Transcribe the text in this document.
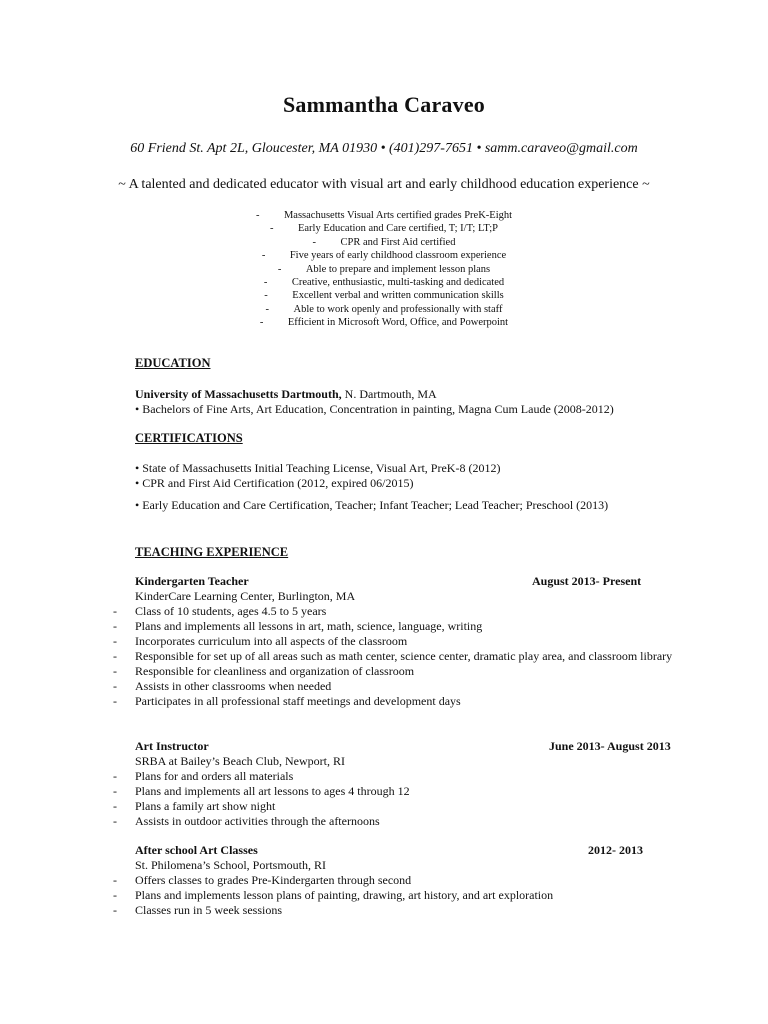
Sammantha Caraveo
60 Friend St. Apt 2L, Gloucester, MA 01930 • (401)297-7651 • samm.caraveo@gmail.com
~ A talented and dedicated educator with visual art and early childhood education experience ~
- Massachusetts Visual Arts certified grades PreK-Eight
- Early Education and Care certified, T; I/T; LT;P
- CPR and First Aid certified
- Five years of early childhood classroom experience
- Able to prepare and implement lesson plans
- Creative, enthusiastic, multi-tasking and dedicated
- Excellent verbal and written communication skills
- Able to work openly and professionally with staff
- Efficient in Microsoft Word, Office, and Powerpoint
EDUCATION
University of Massachusetts Dartmouth, N. Dartmouth, MA
• Bachelors of Fine Arts, Art Education, Concentration in painting, Magna Cum Laude (2008-2012)
CERTIFICATIONS
• State of Massachusetts Initial Teaching License, Visual Art, PreK-8 (2012)
• CPR and First Aid Certification (2012, expired 06/2015)
• Early Education and Care Certification, Teacher; Infant Teacher; Lead Teacher; Preschool (2013)
TEACHING EXPERIENCE
Kindergarten Teacher	August 2013- Present
KinderCare Learning Center, Burlington, MA
- Class of 10 students, ages 4.5 to 5 years
- Plans and implements all lessons in art, math, science, language, writing
- Incorporates curriculum into all aspects of the classroom
- Responsible for set up of all areas such as math center, science center, dramatic play area, and classroom library
- Responsible for cleanliness and organization of classroom
- Assists in other classrooms when needed
- Participates in all professional staff meetings and development days
Art Instructor	June 2013- August 2013
SRBA at Bailey’s Beach Club, Newport, RI
- Plans for and orders all materials
- Plans and implements all art lessons to ages 4 through 12
- Plans a family art show night
- Assists in outdoor activities through the afternoons
After school Art Classes	2012- 2013
St. Philomena’s School, Portsmouth, RI
- Offers classes to grades Pre-Kindergarten through second
- Plans and implements lesson plans of painting, drawing, art history, and art exploration
- Classes run in 5 week sessions
